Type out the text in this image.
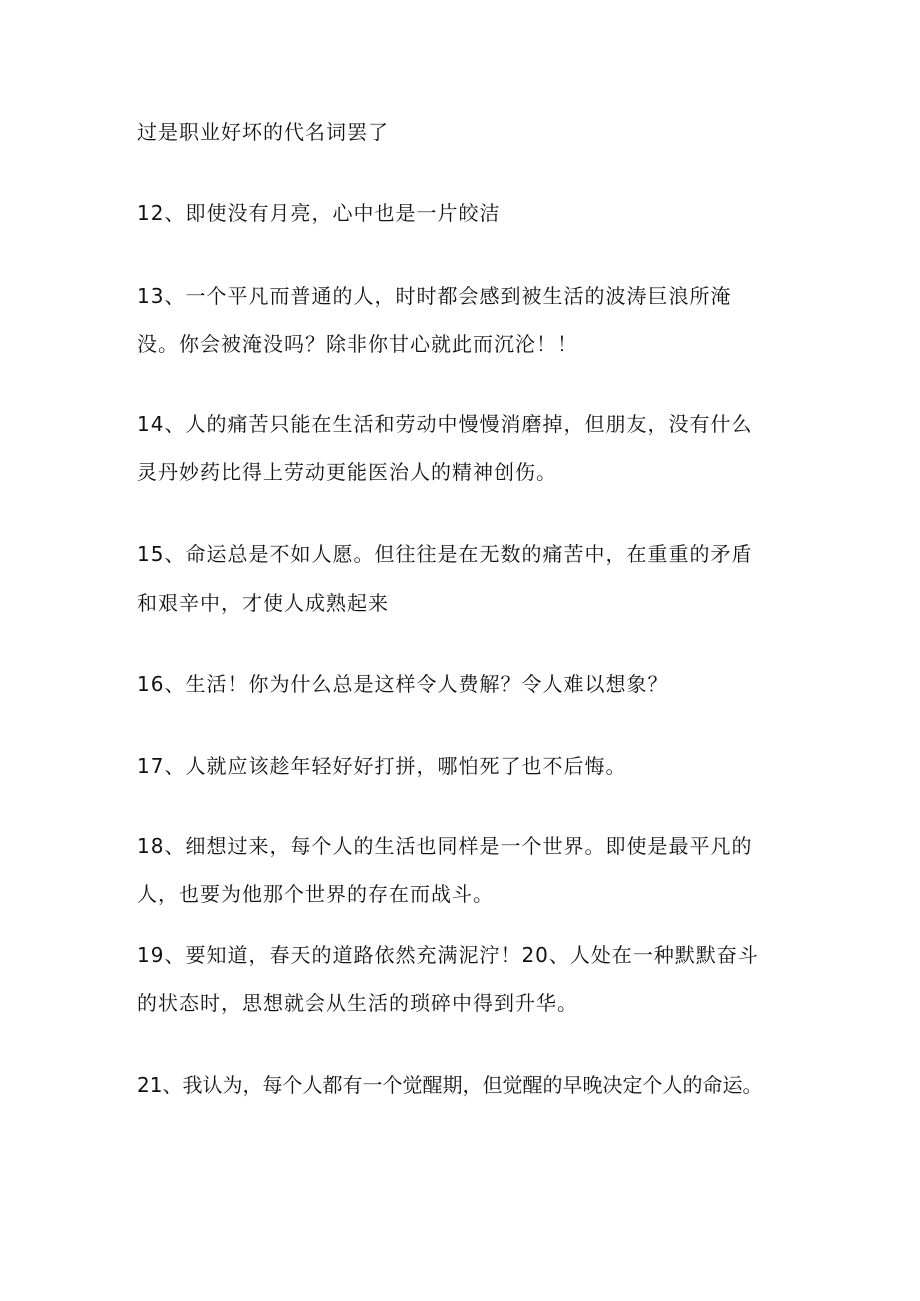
过是职业好坏的代名词罢了

12、即使没有月亮，心中也是一片皎洁

13、一个平凡而普通的人，时时都会感到被生活的波涛巨浪所淹

没。你会被淹没吗？除非你甘心就此而沉沦！！

14、人的痛苦只能在生活和劳动中慢慢消磨掉，但朋友，没有什么

灵丹妙药比得上劳动更能医治人的精神创伤。

15、命运总是不如人愿。但往往是在无数的痛苦中，在重重的矛盾

和艰辛中，才使人成熟起来

16、生活！你为什么总是这样令人费解？令人难以想象？

17、人就应该趁年轻好好打拼，哪怕死了也不后悔。

18、细想过来，每个人的生活也同样是一个世界。即使是最平凡的

人，也要为他那个世界的存在而战斗。

19、要知道，春天的道路依然充满泥泞！20、人处在一种默默奋斗

的状态时，思想就会从生活的琐碎中得到升华。

21、我认为，每个人都有一个觉醒期，但觉醒的早晚决定个人的命运。
